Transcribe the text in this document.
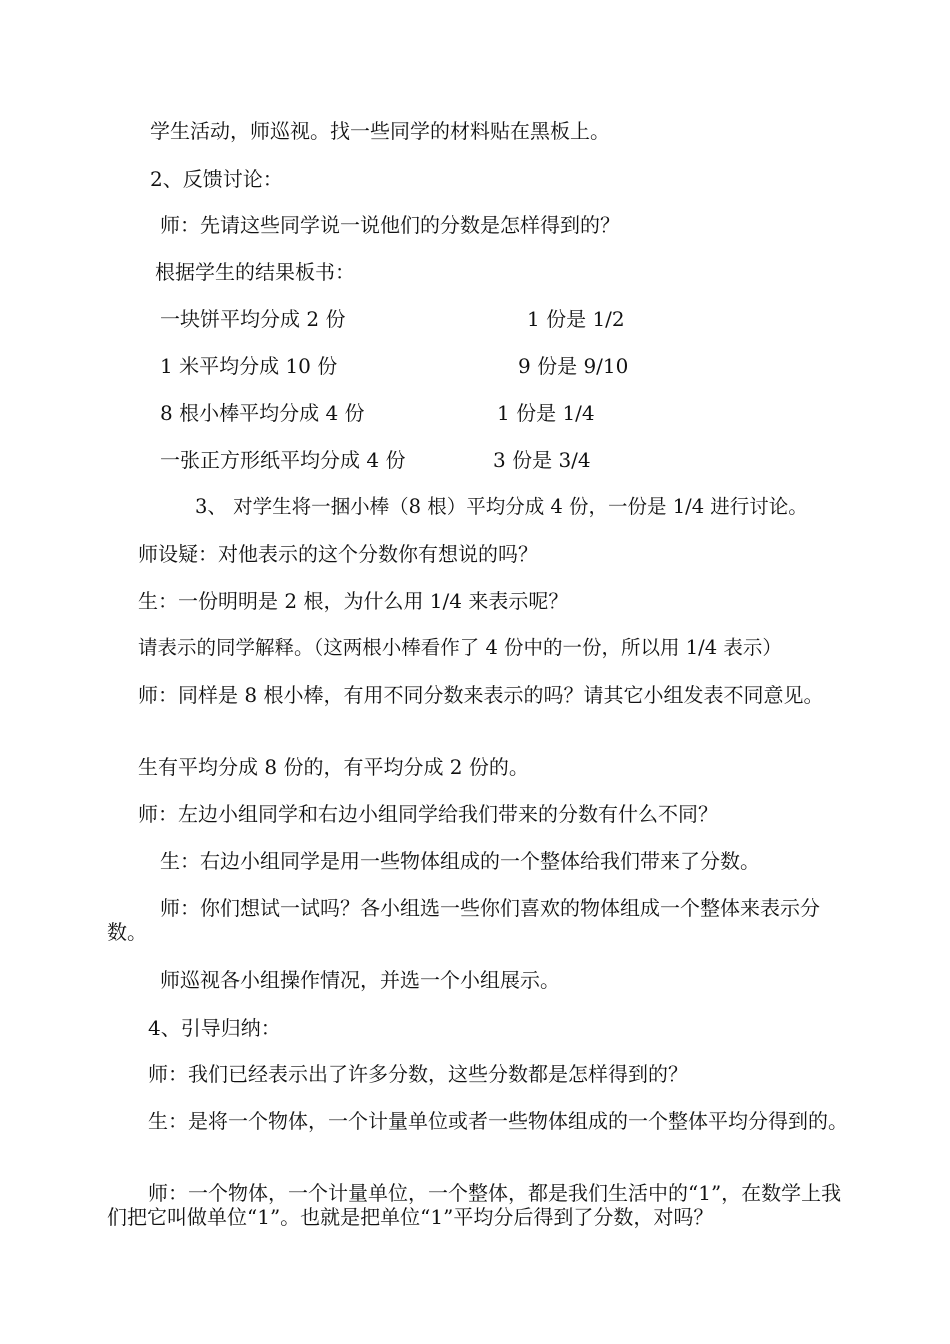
学生活动，师巡视。找一些同学的材料贴在黑板上。
2、反馈讨论：
师：先请这些同学说一说他们的分数是怎样得到的？
根据学生的结果板书：
一块饼平均分成 2 份	1 份是 1/2
1 米平均分成 10 份	9 份是 9/10
8 根小棒平均分成 4 份	1 份是 1/4
一张正方形纸平均分成 4 份	3 份是 3/4
3、 对学生将一捆小棒（8 根）平均分成 4 份，一份是 1/4 进行讨论。
师设疑：对他表示的这个分数你有想说的吗？
生：一份明明是 2 根，为什么用 1/4 来表示呢？
请表示的同学解释。（这两根小棒看作了 4 份中的一份，所以用 1/4 表示）
师：同样是 8 根小棒，有用不同分数来表示的吗？请其它小组发表不同意见。
生有平均分成 8 份的，有平均分成 2 份的。
师：左边小组同学和右边小组同学给我们带来的分数有什么不同？
生：右边小组同学是用一些物体组成的一个整体给我们带来了分数。
师：你们想试一试吗？各小组选一些你们喜欢的物体组成一个整体来表示分数。
师巡视各小组操作情况，并选一个小组展示。
4、引导归纳：
师：我们已经表示出了许多分数，这些分数都是怎样得到的？
生：是将一个物体，一个计量单位或者一些物体组成的一个整体平均分得到的。
师：一个物体，一个计量单位，一个整体，都是我们生活中的“1”，在数学上我们把它叫做单位“1”。也就是把单位“1”平均分后得到了分数，对吗？
